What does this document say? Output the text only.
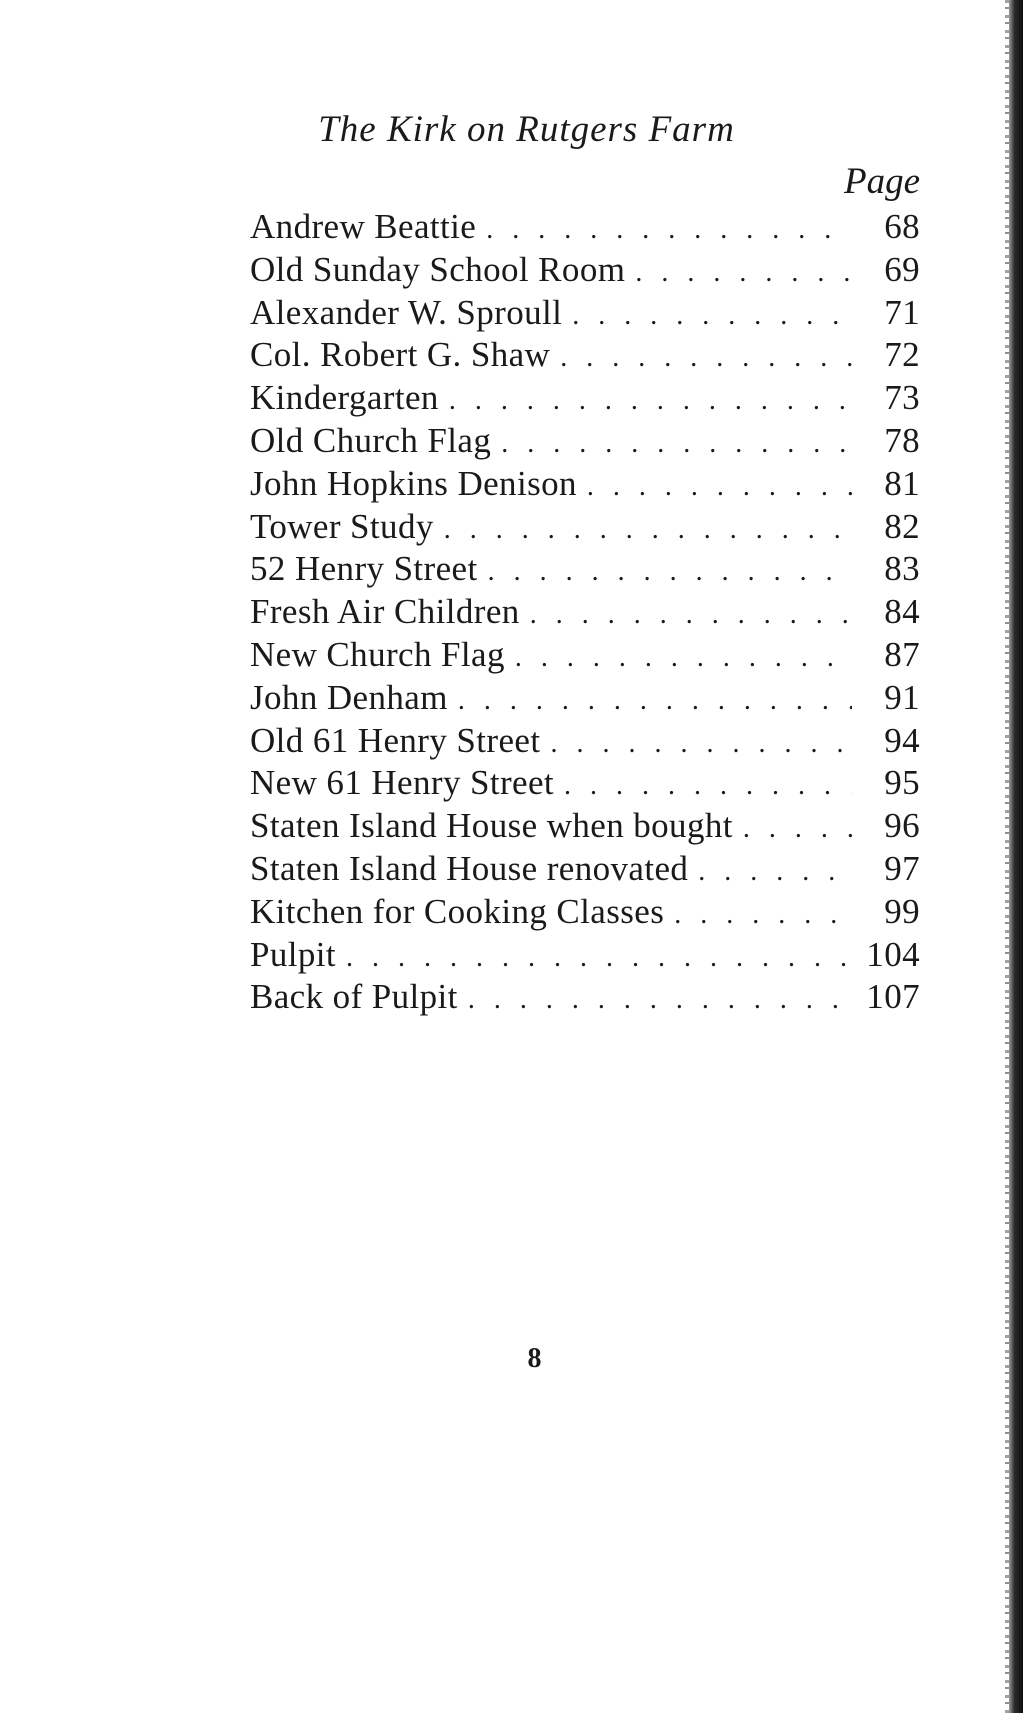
The Kirk on Rutgers Farm
Page
Andrew Beattie . . .	68
Old Sunday School Room . . .	69
Alexander W. Sproull . . .	71
Col. Robert G. Shaw . . .	72
Kindergarten . . .	73
Old Church Flag . . .	78
John Hopkins Denison . . .	81
Tower Study . . .	82
52 Henry Street . . .	83
Fresh Air Children . . .	84
New Church Flag . . .	87
John Denham . . .	91
Old 61 Henry Street . . .	94
New 61 Henry Street . . .	95
Staten Island House when bought . . .	96
Staten Island House renovated . . .	97
Kitchen for Cooking Classes . . .	99
Pulpit . . .	104
Back of Pulpit . . .	107
8
